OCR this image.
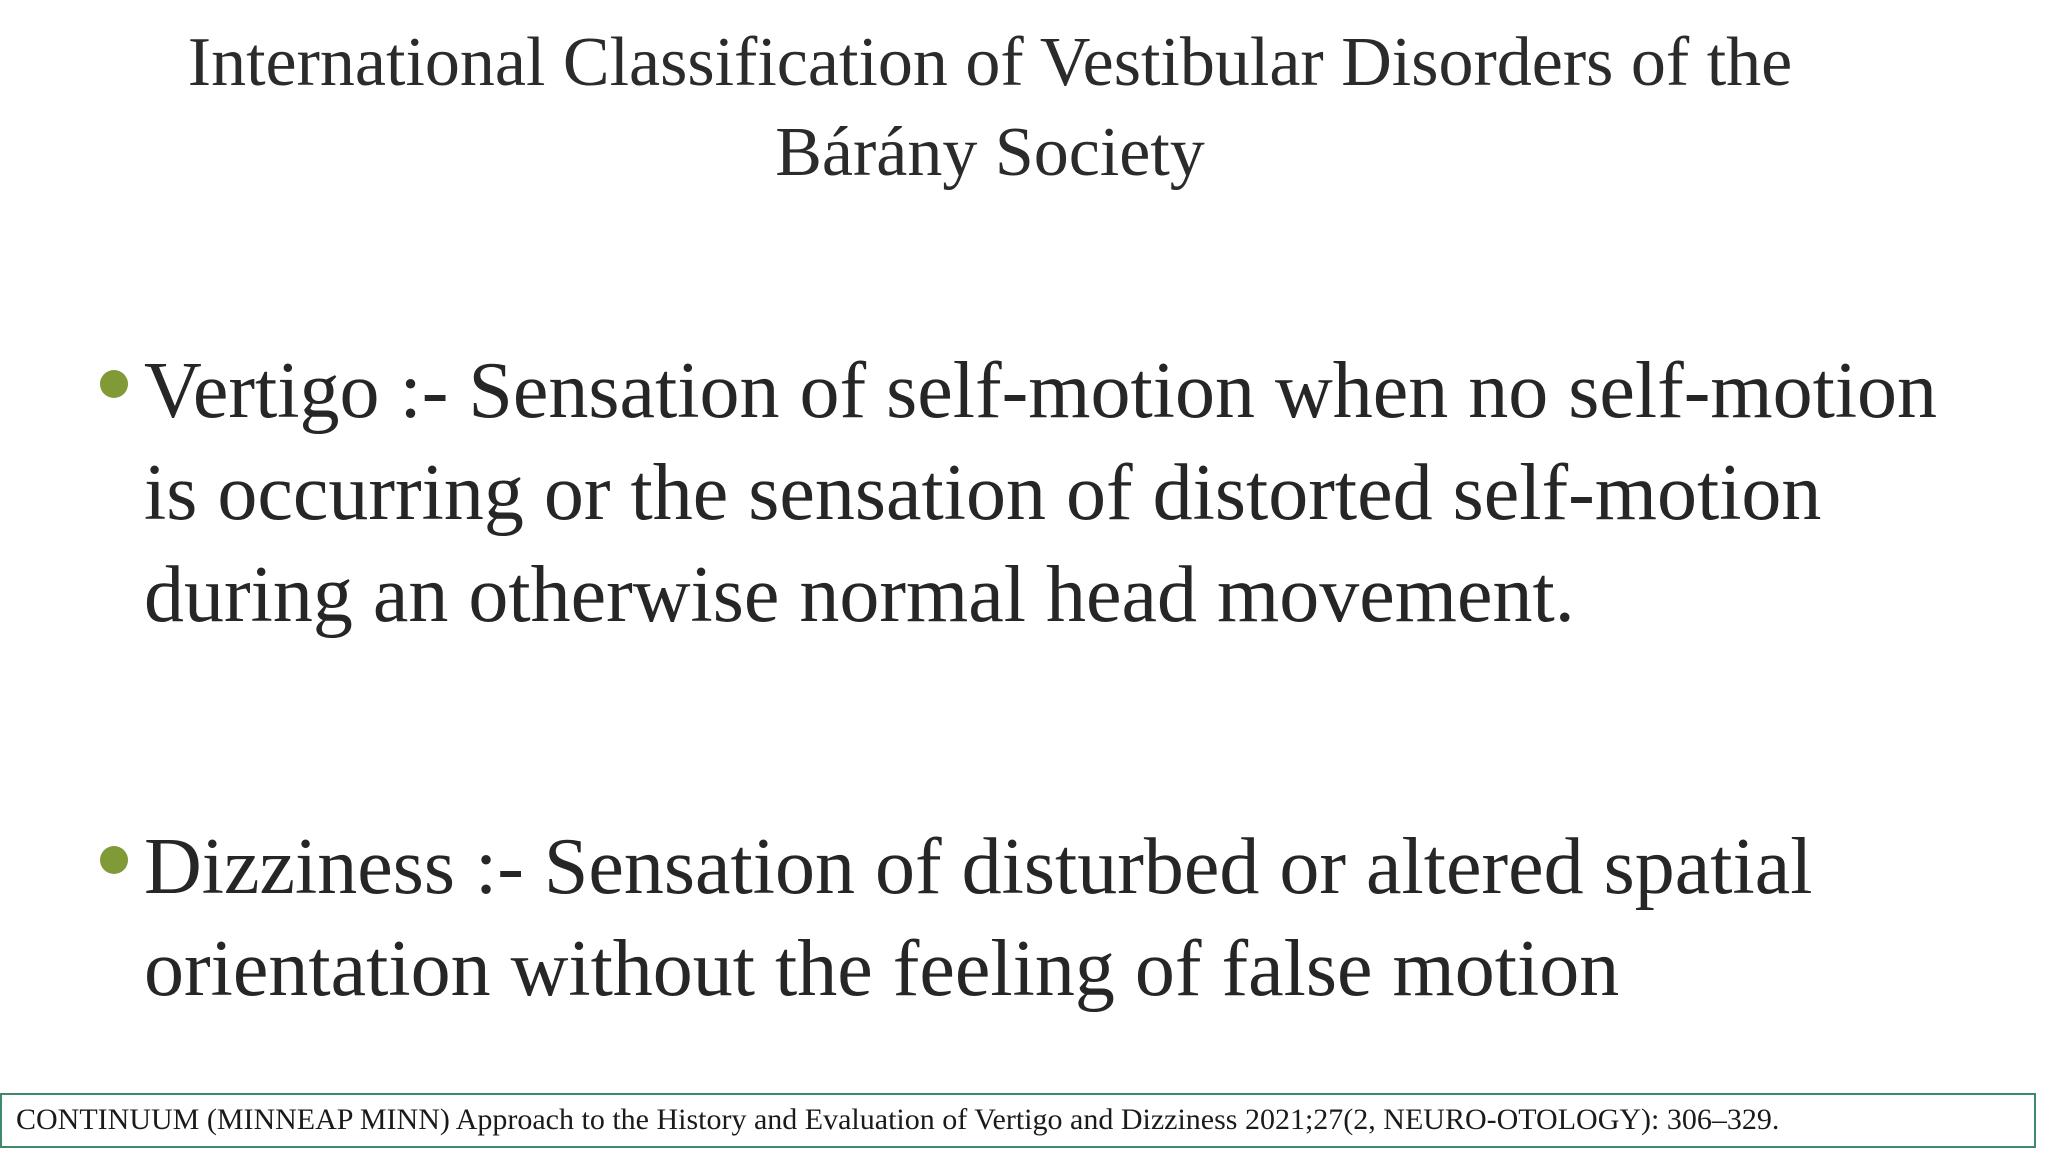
International Classification of Vestibular Disorders of the
Bárány Society
Vertigo :- Sensation of self-motion when no self-motion is occurring or the sensation of distorted self-motion during an otherwise normal head movement.
Dizziness :- Sensation of disturbed or altered spatial orientation without the feeling of false motion
CONTINUUM (MINNEAP MINN) Approach to the History and Evaluation of Vertigo and Dizziness 2021;27(2, NEURO-OTOLOGY): 306–329.
